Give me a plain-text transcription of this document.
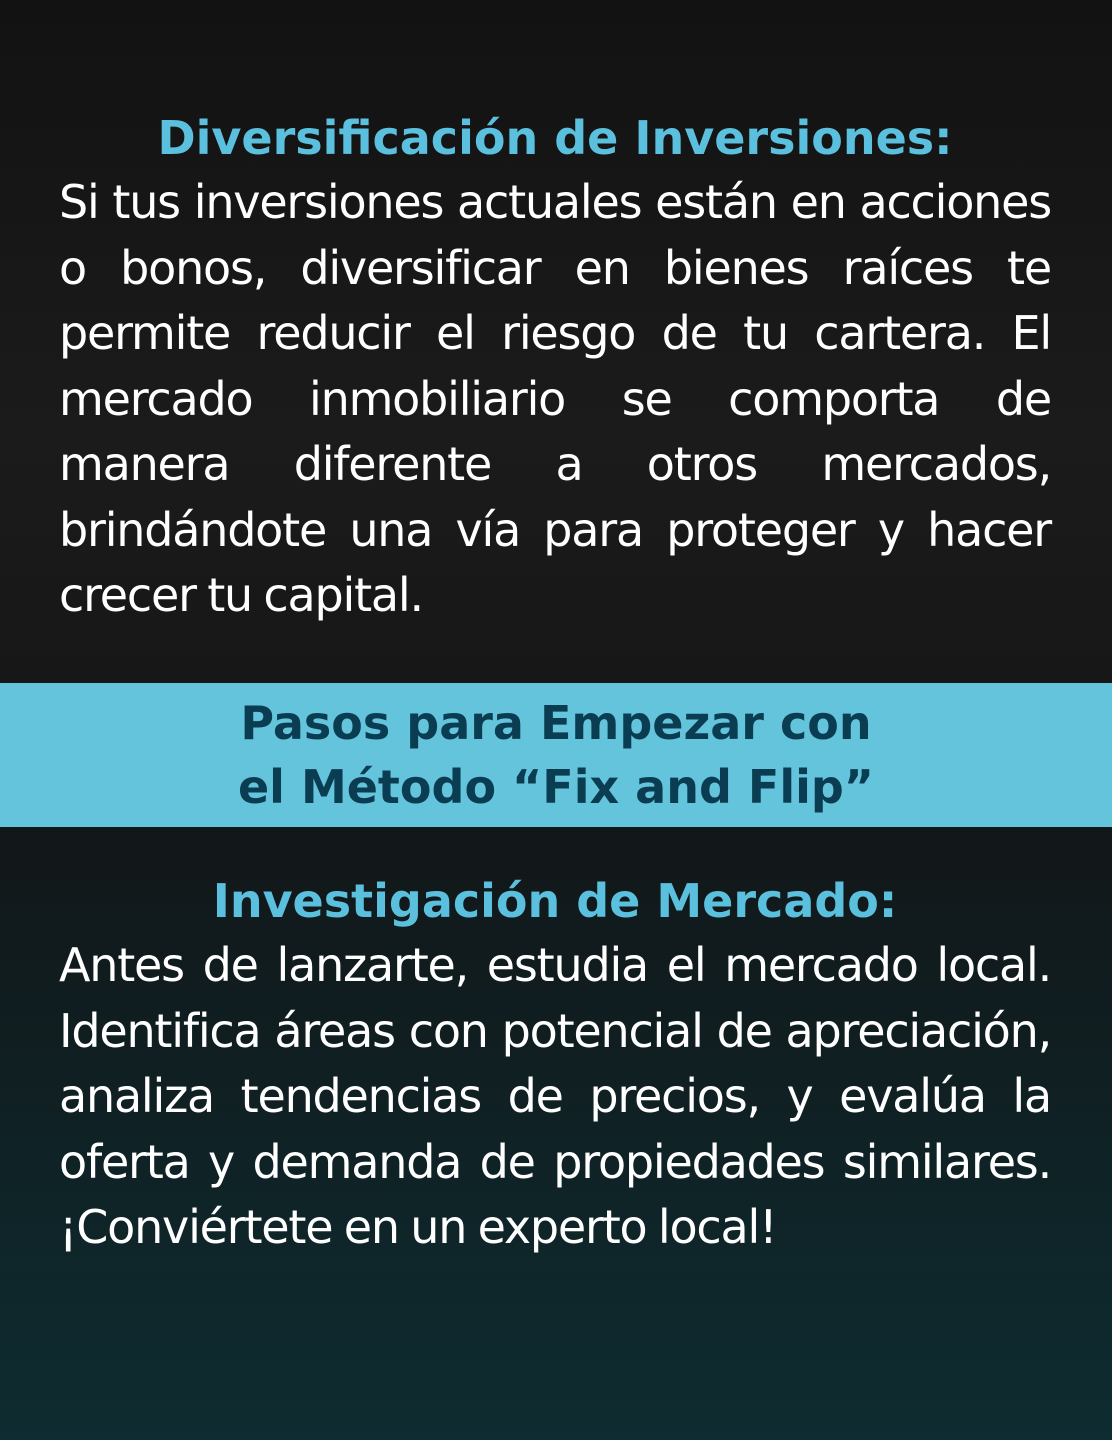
Diversificación de Inversiones:

Si tus inversiones actuales están en acciones o bonos, diversificar en bienes raíces te permite reducir el riesgo de tu cartera. El mercado inmobiliario se comporta de manera diferente a otros mercados, brindándote una vía para proteger y hacer crecer tu capital.

Pasos para Empezar con
el Método “Fix and Flip”
Investigación de Mercado:

Antes de lanzarte, estudia el mercado local. Identifica áreas con potencial de apreciación, analiza tendencias de precios, y evalúa la oferta y demanda de propiedades similares. ¡Conviértete en un experto local!
